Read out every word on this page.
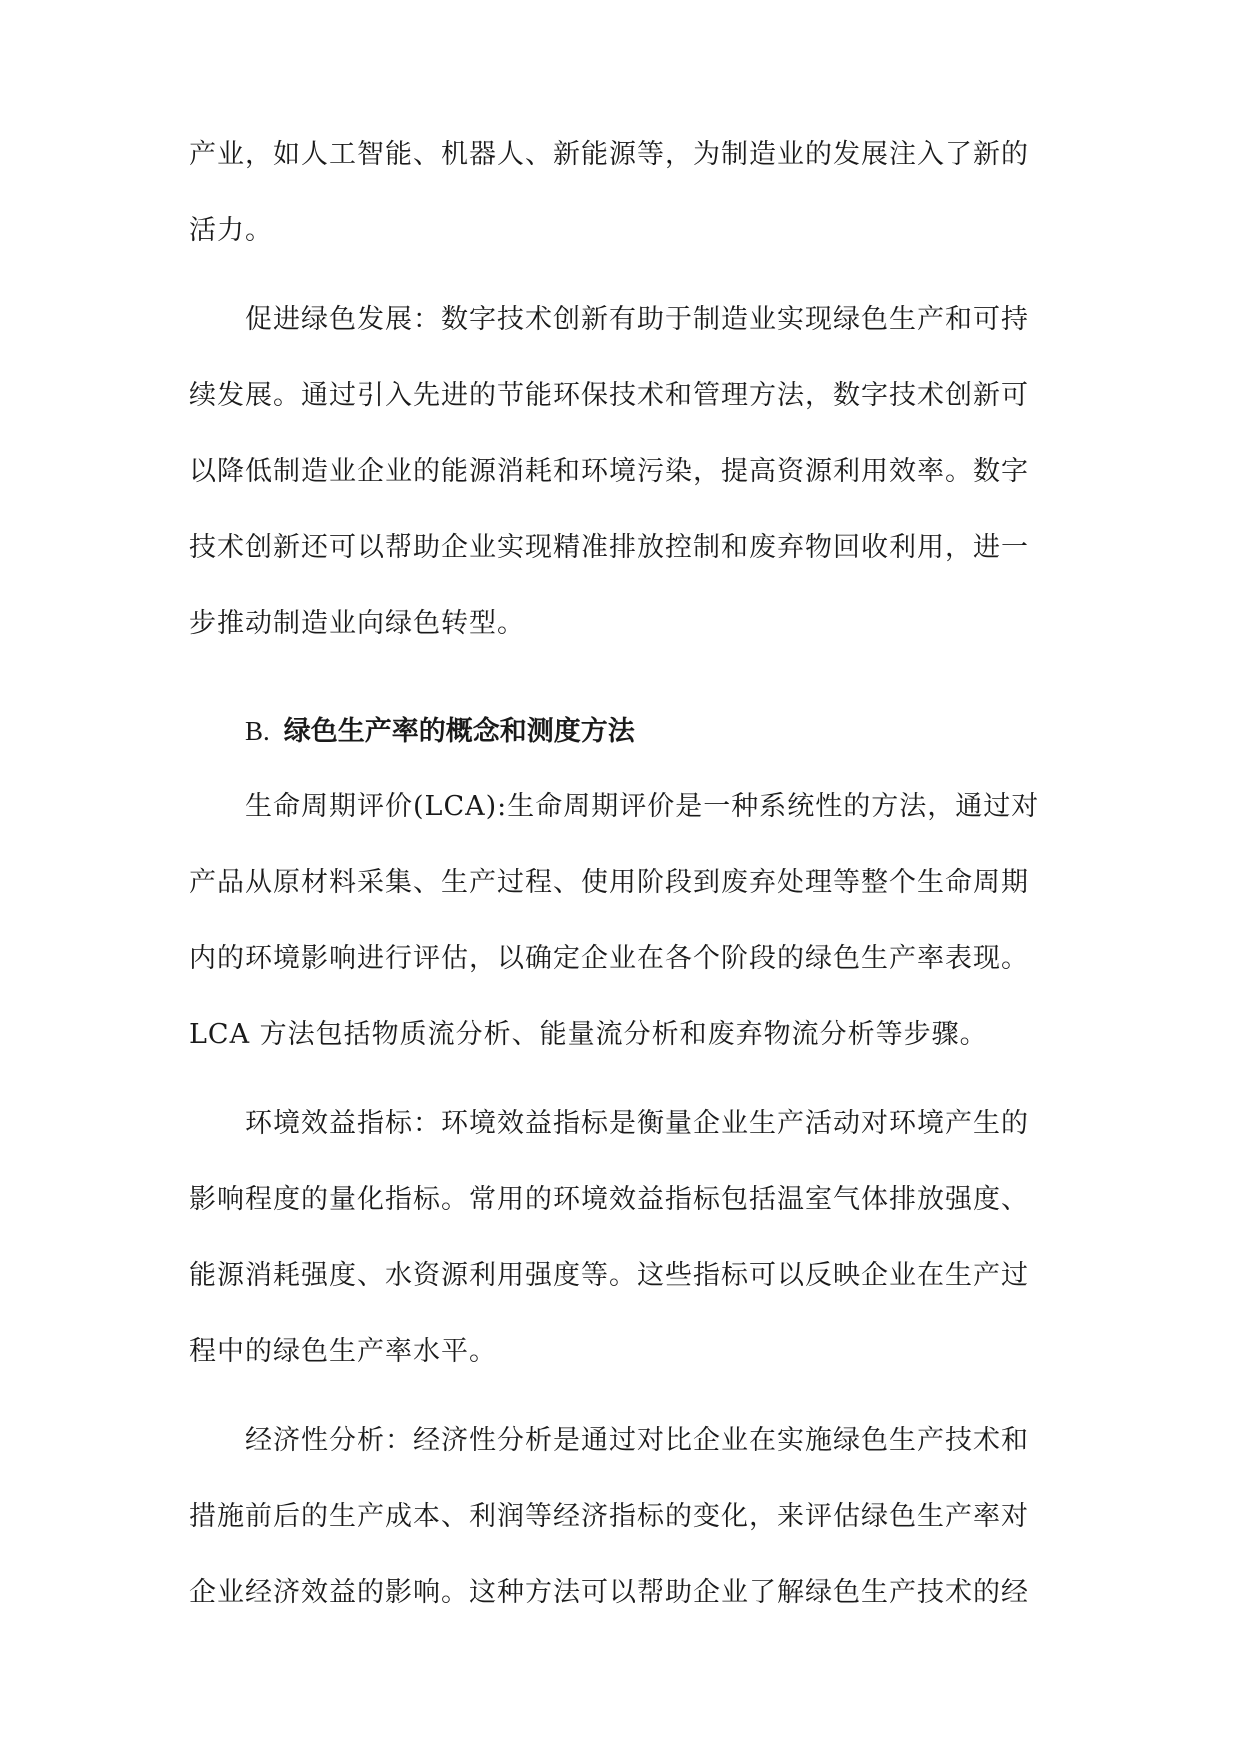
产业，如人工智能、机器人、新能源等，为制造业的发展注入了新的
活力。
促进绿色发展：数字技术创新有助于制造业实现绿色生产和可持
续发展。通过引入先进的节能环保技术和管理方法，数字技术创新可
以降低制造业企业的能源消耗和环境污染，提高资源利用效率。数字
技术创新还可以帮助企业实现精准排放控制和废弃物回收利用，进一
步推动制造业向绿色转型。
B. 绿色生产率的概念和测度方法
生命周期评价(LCA):生命周期评价是一种系统性的方法，通过对
产品从原材料采集、生产过程、使用阶段到废弃处理等整个生命周期
内的环境影响进行评估，以确定企业在各个阶段的绿色生产率表现。
LCA 方法包括物质流分析、能量流分析和废弃物流分析等步骤。
环境效益指标：环境效益指标是衡量企业生产活动对环境产生的
影响程度的量化指标。常用的环境效益指标包括温室气体排放强度、
能源消耗强度、水资源利用强度等。这些指标可以反映企业在生产过
程中的绿色生产率水平。
经济性分析：经济性分析是通过对比企业在实施绿色生产技术和
措施前后的生产成本、利润等经济指标的变化，来评估绿色生产率对
企业经济效益的影响。这种方法可以帮助企业了解绿色生产技术的经
